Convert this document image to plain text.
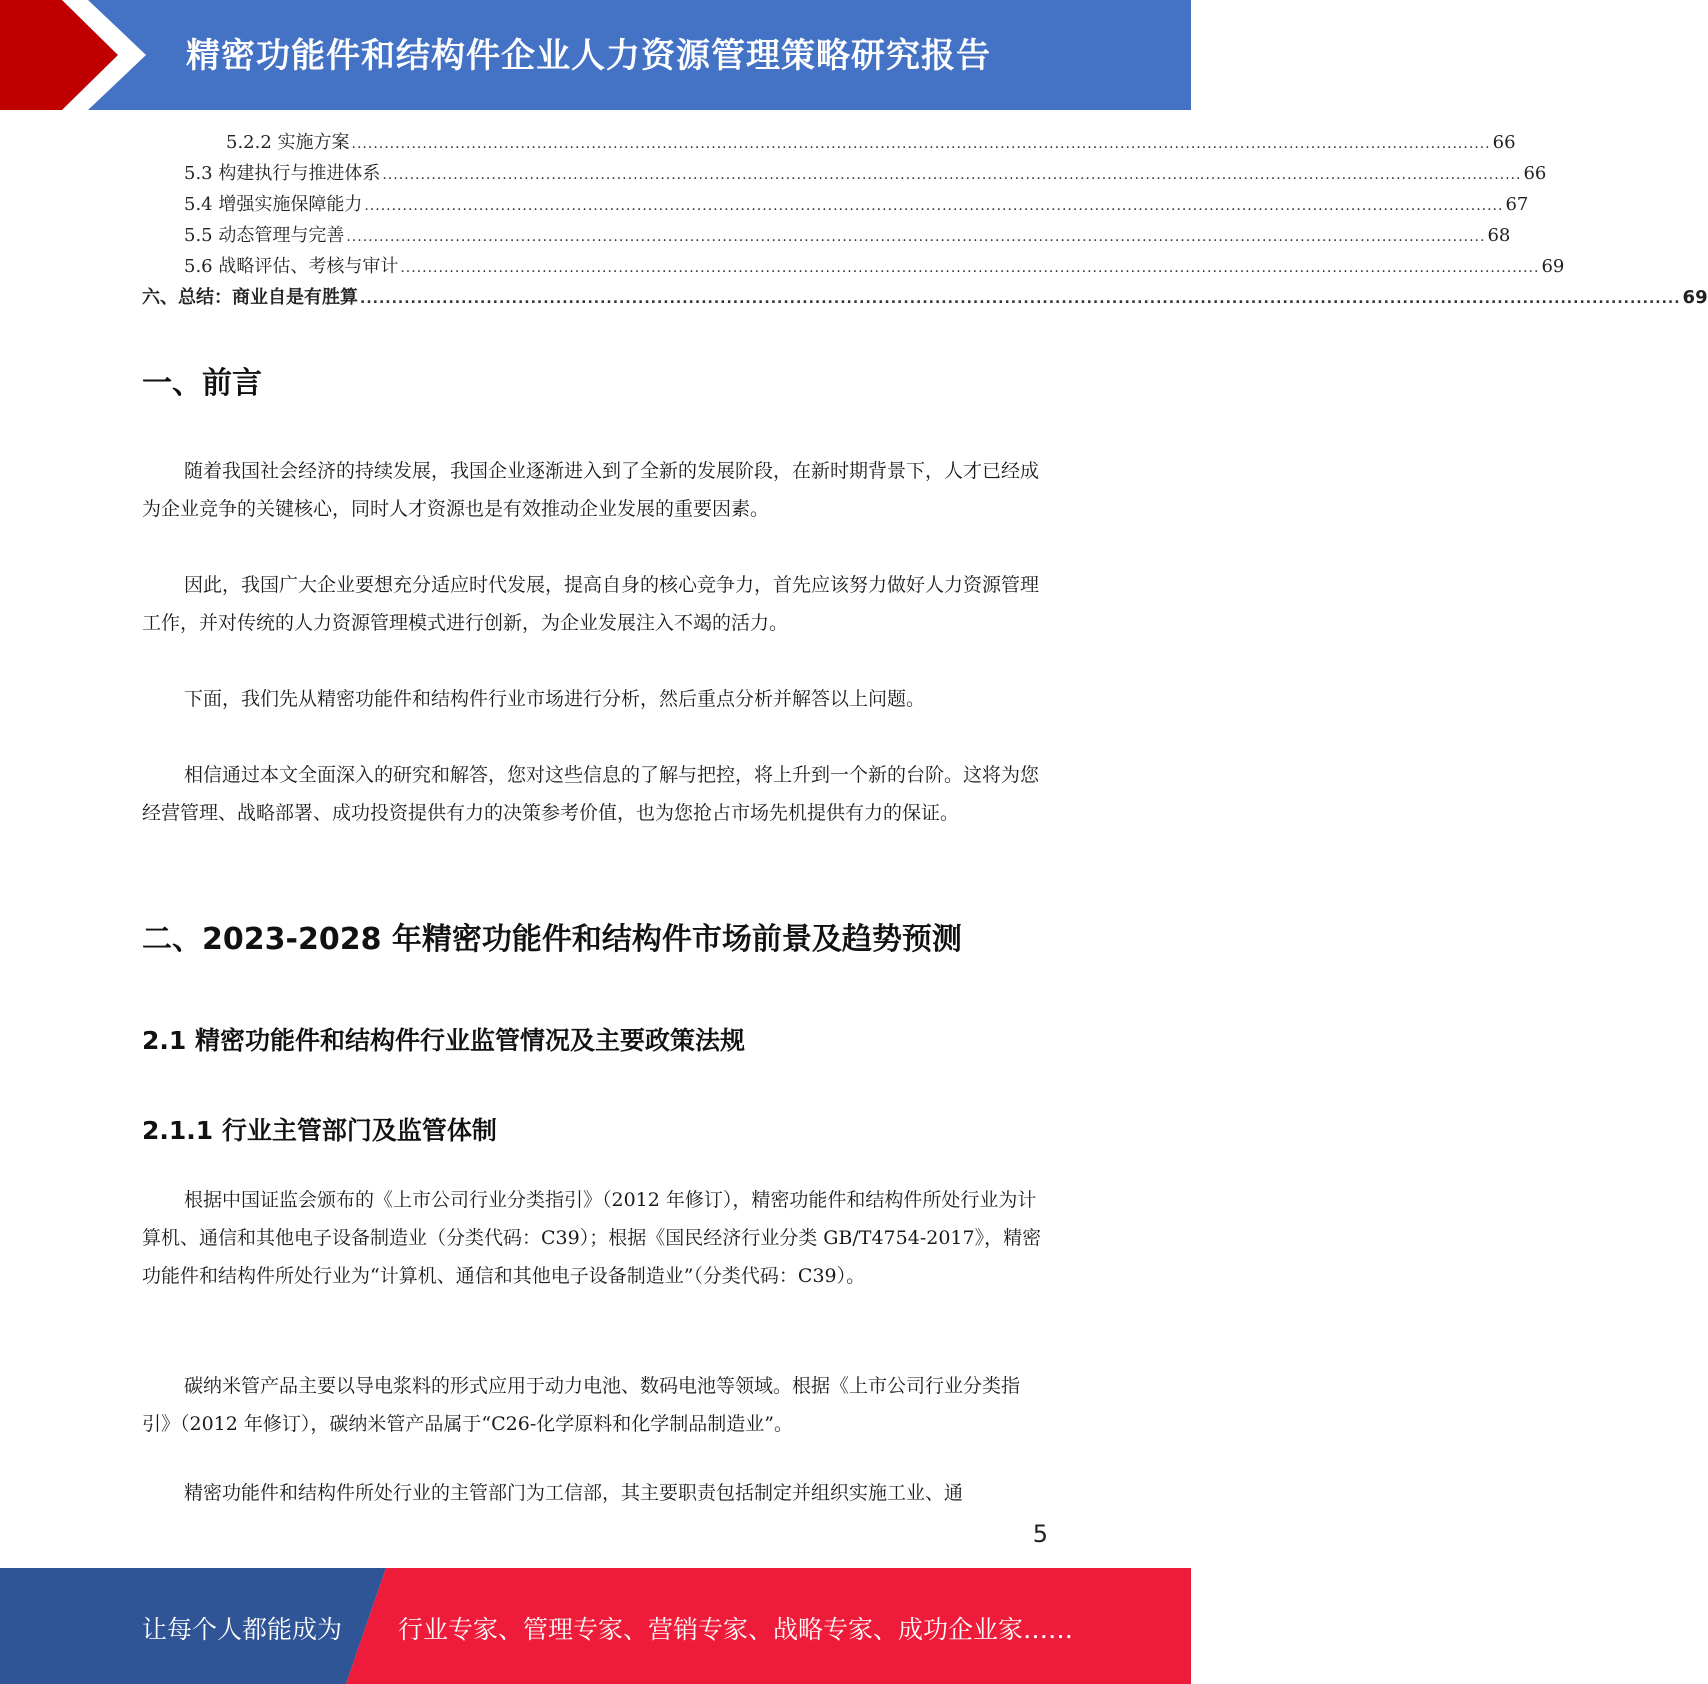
精密功能件和结构件企业人力资源管理策略研究报告
5.2.2 实施方案 ................................................................................................................................................................................................................. 66
5.3 构建执行与推进体系 ................................................................................................................................................................................................................. 66
5.4 增强实施保障能力 ................................................................................................................................................................................................................. 67
5.5 动态管理与完善 ................................................................................................................................................................................................................. 68
5.6 战略评估、考核与审计 ................................................................................................................................................................................................................. 69
六、总结：商业自是有胜算 ................................................................................................................................................................................................................. 69
一、前言

随着我国社会经济的持续发展，我国企业逐渐进入到了全新的发展阶段，在新时期背景下，人才已经成为企业竞争的关键核心，同时人才资源也是有效推动企业发展的重要因素。

因此，我国广大企业要想充分适应时代发展，提高自身的核心竞争力，首先应该努力做好人力资源管理工作，并对传统的人力资源管理模式进行创新，为企业发展注入不竭的活力。

下面，我们先从精密功能件和结构件行业市场进行分析，然后重点分析并解答以上问题。

相信通过本文全面深入的研究和解答，您对这些信息的了解与把控，将上升到一个新的台阶。这将为您经营管理、战略部署、成功投资提供有力的决策参考价值，也为您抢占市场先机提供有力的保证。

二、2023-2028 年精密功能件和结构件市场前景及趋势预测
2.1 精密功能件和结构件行业监管情况及主要政策法规
2.1.1 行业主管部门及监管体制

根据中国证监会颁布的《上市公司行业分类指引》（2012 年修订），精密功能件和结构件所处行业为计算机、通信和其他电子设备制造业（分类代码：C39）；根据《国民经济行业分类 GB/T4754-2017》，精密功能件和结构件所处行业为“计算机、通信和其他电子设备制造业”（分类代码：C39）。

碳纳米管产品主要以导电浆料的形式应用于动力电池、数码电池等领域。根据《上市公司行业分类指引》（2012 年修订），碳纳米管产品属于“C26-化学原料和化学制品制造业”。

精密功能件和结构件所处行业的主管部门为工信部，其主要职责包括制定并组织实施工业、通

5
让每个人都能成为 行业专家、管理专家、营销专家、战略专家、成功企业家……
